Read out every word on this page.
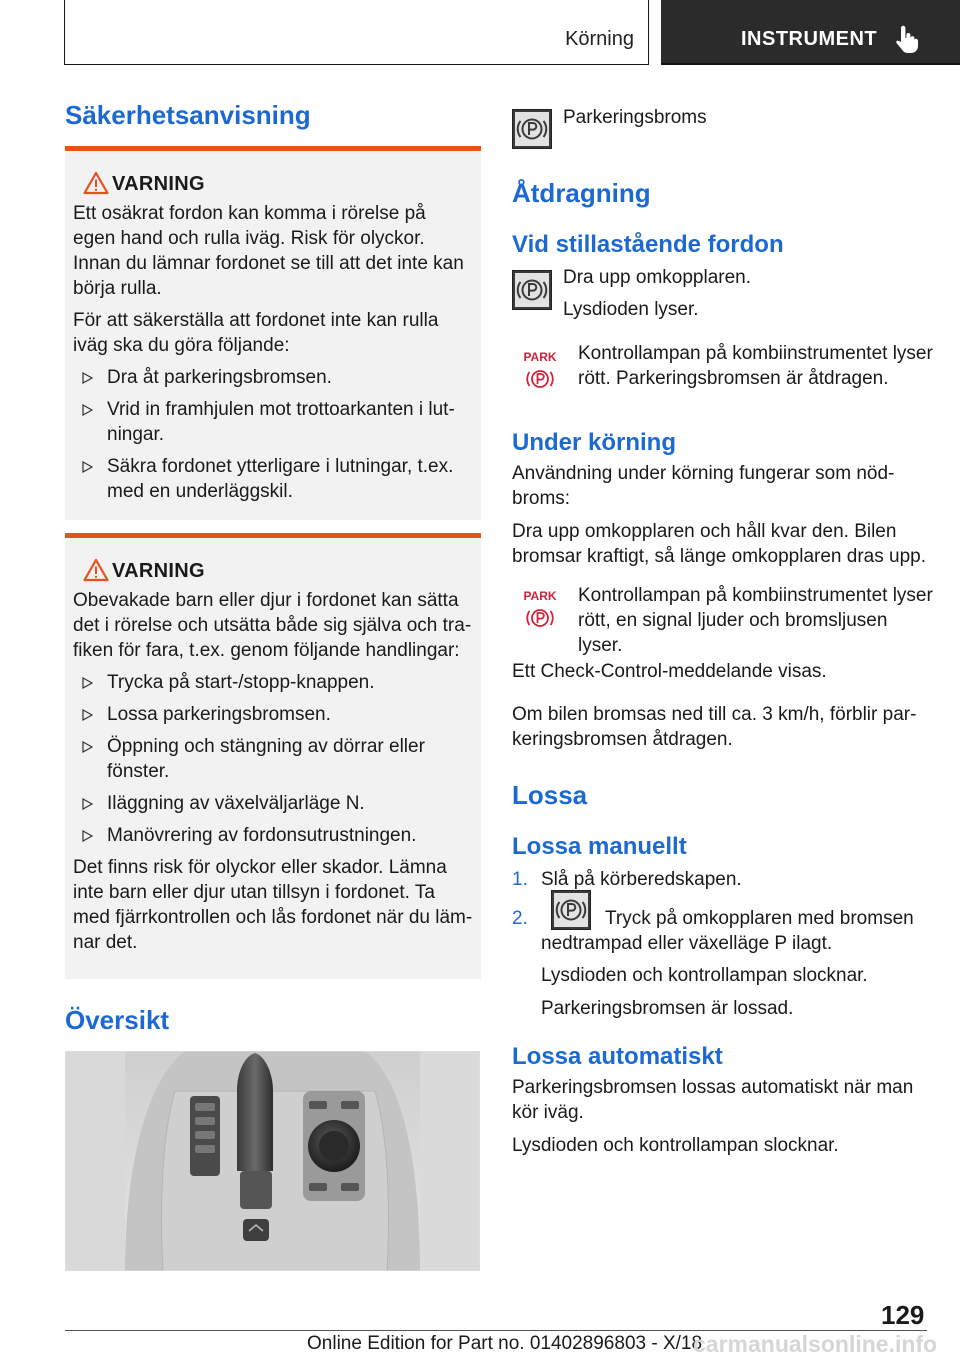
Körning	INSTRUMENT
Säkerhetsanvisning
VARNING
Ett osäkrat fordon kan komma i rörelse på egen hand och rulla iväg. Risk för olyckor. Innan du lämnar fordonet se till att det inte kan börja rulla.
För att säkerställa att fordonet inte kan rulla iväg ska du göra följande:
Dra åt parkeringsbromsen.
Vrid in framhjulen mot trottoarkanten i lutningar.
Säkra fordonet ytterligare i lutningar, t.ex. med en underläggskil.
VARNING
Obevakade barn eller djur i fordonet kan sätta det i rörelse och utsätta både sig själva och trafiken för fara, t.ex. genom följande handlingar:
Trycka på start-/stopp-knappen.
Lossa parkeringsbromsen.
Öppning och stängning av dörrar eller fönster.
Iläggning av växelväljarläge N.
Manövrering av fordonsutrustningen.
Det finns risk för olyckor eller skador. Lämna inte barn eller djur utan tillsyn i fordonet. Ta med fjärrkontrollen och lås fordonet när du lämnar det.
Översikt
Parkeringsbroms
Åtdragning
Vid stillastående fordon
Dra upp omkopplaren.
Lysdioden lyser.
PARK Kontrollampan på kombiinstrumentet lyser rött. Parkeringsbromsen är åtdragen.
Under körning
Användning under körning fungerar som nödbroms:
Dra upp omkopplaren och håll kvar den. Bilen bromsar kraftigt, så länge omkopplaren dras upp.
PARK Kontrollampan på kombiinstrumentet lyser rött, en signal ljuder och bromsljusen lyser.
Ett Check-Control-meddelande visas.
Om bilen bromsas ned till ca. 3 km/h, förblir parkeringsbromsen åtdragen.
Lossa
Lossa manuellt
1. Slå på körberedskapen.
2.	Tryck på omkopplaren med bromsen nedtrampad eller växelläge P ilagt.
Lysdioden och kontrollampan slocknar.
Parkeringsbromsen är lossad.
Lossa automatiskt
Parkeringsbromsen lossas automatiskt när man kör iväg.
Lysdioden och kontrollampan slocknar.
129
Online Edition for Part no. 01402896803 - X/18
carmanualsonline.info
